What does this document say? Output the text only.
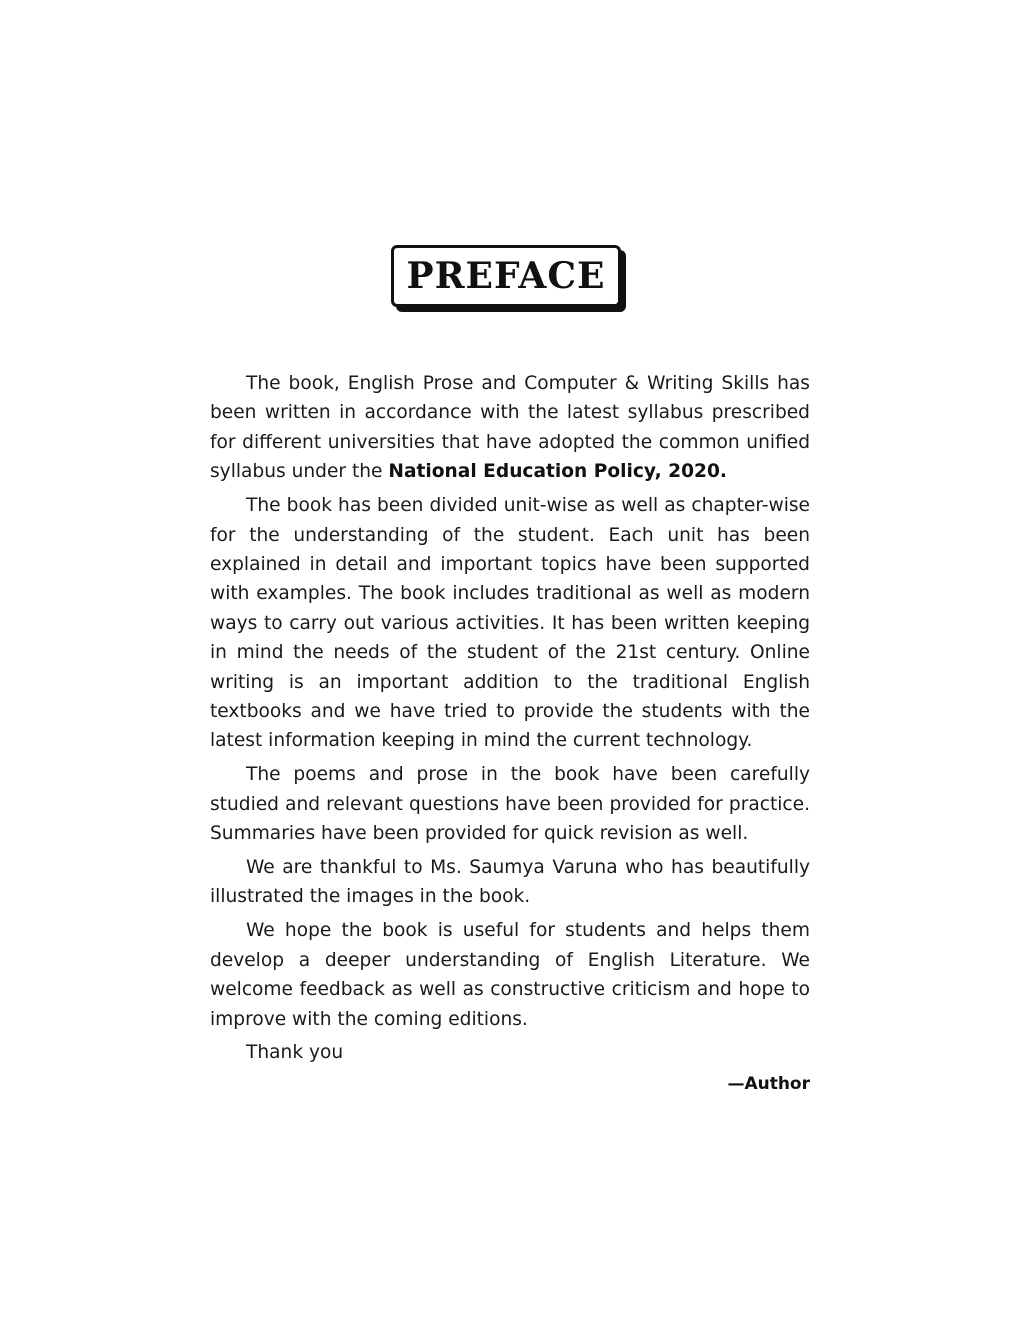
PREFACE

The book, English Prose and Computer & Writing Skills has been written in accordance with the latest syllabus prescribed for different universities that have adopted the common unified syllabus under the National Education Policy, 2020.

The book has been divided unit-wise as well as chapter-wise for the understanding of the student. Each unit has been explained in detail and important topics have been supported with examples. The book includes traditional as well as modern ways to carry out various activities. It has been written keeping in mind the needs of the student of the 21st century. Online writing is an important addition to the traditional English textbooks and we have tried to provide the students with the latest information keeping in mind the current technology.

The poems and prose in the book have been carefully studied and relevant questions have been provided for practice. Summaries have been provided for quick revision as well.

We are thankful to Ms. Saumya Varuna who has beautifully illustrated the images in the book.

We hope the book is useful for students and helps them develop a deeper understanding of English Literature. We welcome feedback as well as constructive criticism and hope to improve with the coming editions.

Thank you

—Author
